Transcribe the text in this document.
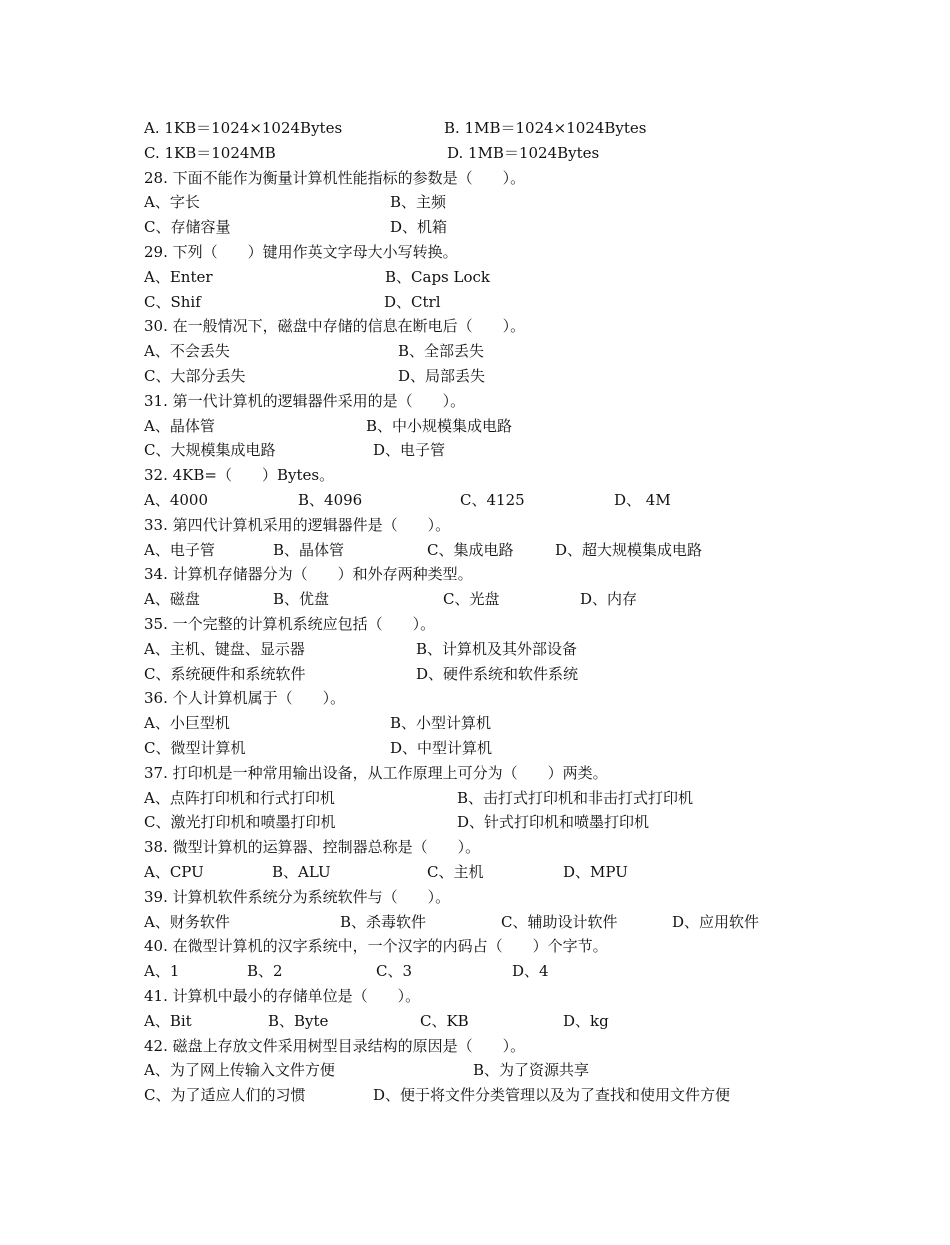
A. 1KB＝1024×1024Bytes	B. 1MB＝1024×1024Bytes
C. 1KB＝1024MB	D. 1MB＝1024Bytes
28. 下面不能作为衡量计算机性能指标的参数是（　　）。
A、字长	B、主频
C、存储容量	D、机箱
29. 下列（　　）键用作英文字母大小写转换。
A、Enter	B、Caps Lock
C、Shif	D、Ctrl
30. 在一般情况下，磁盘中存储的信息在断电后（　　）。
A、不会丢失	B、全部丢失
C、大部分丢失	D、局部丢失
31. 第一代计算机的逻辑器件采用的是（　　）。
A、晶体管	B、中小规模集成电路
C、大规模集成电路	D、电子管
32. 4KB=（　　）Bytes。
A、4000	B、4096	C、4125	D、 4M
33. 第四代计算机采用的逻辑器件是（　　）。
A、电子管	B、晶体管	C、集成电路	D、超大规模集成电路
34. 计算机存储器分为（　　）和外存两种类型。
A、磁盘	B、优盘	C、光盘	D、内存
35. 一个完整的计算机系统应包括（　　）。
A、主机、键盘、显示器	B、计算机及其外部设备
C、系统硬件和系统软件	D、硬件系统和软件系统
36. 个人计算机属于（　　）。
A、小巨型机	B、小型计算机
C、微型计算机	D、中型计算机
37. 打印机是一种常用输出设备，从工作原理上可分为（　　）两类。
A、点阵打印机和行式打印机	B、击打式打印机和非击打式打印机
C、激光打印机和喷墨打印机	D、针式打印机和喷墨打印机
38. 微型计算机的运算器、控制器总称是（　　）。
A、CPU	B、ALU	C、主机	D、MPU
39. 计算机软件系统分为系统软件与（　　）。
A、财务软件	B、杀毒软件	C、辅助设计软件	D、应用软件
40. 在微型计算机的汉字系统中，一个汉字的内码占（　　）个字节。
A、1	B、2	C、3	D、4
41. 计算机中最小的存储单位是（　　）。
A、Bit	B、Byte	C、KB	D、kg
42. 磁盘上存放文件采用树型目录结构的原因是（　　）。
A、为了网上传输入文件方便	B、为了资源共享
C、为了适应人们的习惯	D、便于将文件分类管理以及为了查找和使用文件方便
